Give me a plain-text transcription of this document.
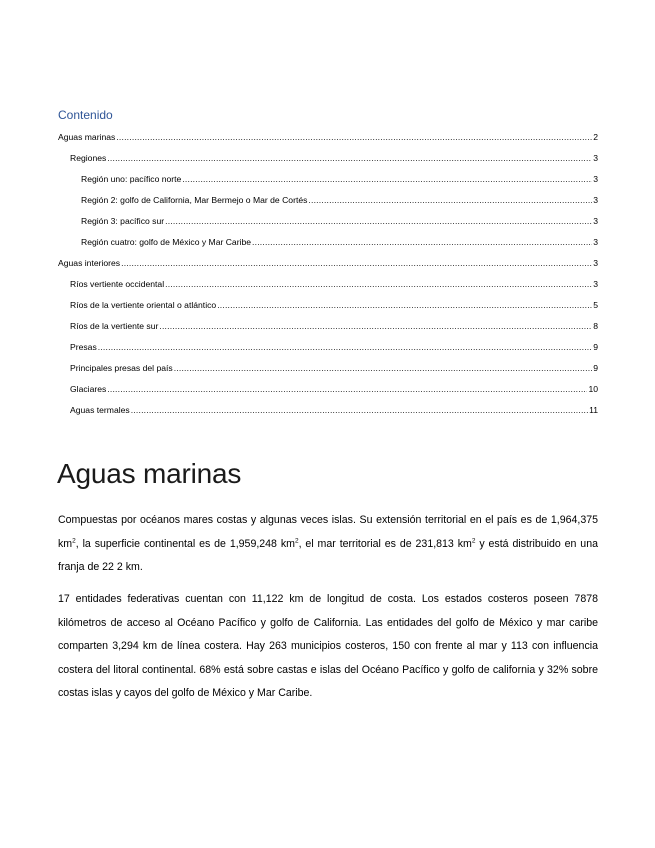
Contenido
Aguas marinas .....	2
Regiones .....	3
Región uno: pacífico norte .....	3
Región 2: golfo de California, Mar Bermejo o Mar de Cortés .....	3
Región 3: pacífico sur .....	3
Región cuatro: golfo de México y Mar Caribe .....	3
Aguas interiores .....	3
Ríos vertiente occidental .....	3
Ríos de la vertiente oriental o atlántico .....	5
Ríos de la vertiente sur .....	8
Presas .....	9
Principales presas del país .....	9
Glaciares .....	10
Aguas termales .....	11
Aguas marinas

Compuestas por océanos mares costas y algunas veces islas. Su extensión territorial en el país es de 1,964,375 $km^2$, la superficie continental es de 1,959,248 $km^2$, el mar territorial es de 231,813 $km^2$ y está distribuido en una franja de 22 2 km.

17 entidades federativas cuentan con 11,122 km de longitud de costa. Los estados costeros poseen 7878 kilómetros de acceso al Océano Pacífico y golfo de California. Las entidades del golfo de México y mar caribe comparten 3,294 km de línea costera. Hay 263 municipios costeros, 150 con frente al mar y 113 con influencia costera del litoral continental. 68% está sobre castas e islas del Océano Pacífico y golfo de california y 32% sobre costas islas y cayos del golfo de México y Mar Caribe.
